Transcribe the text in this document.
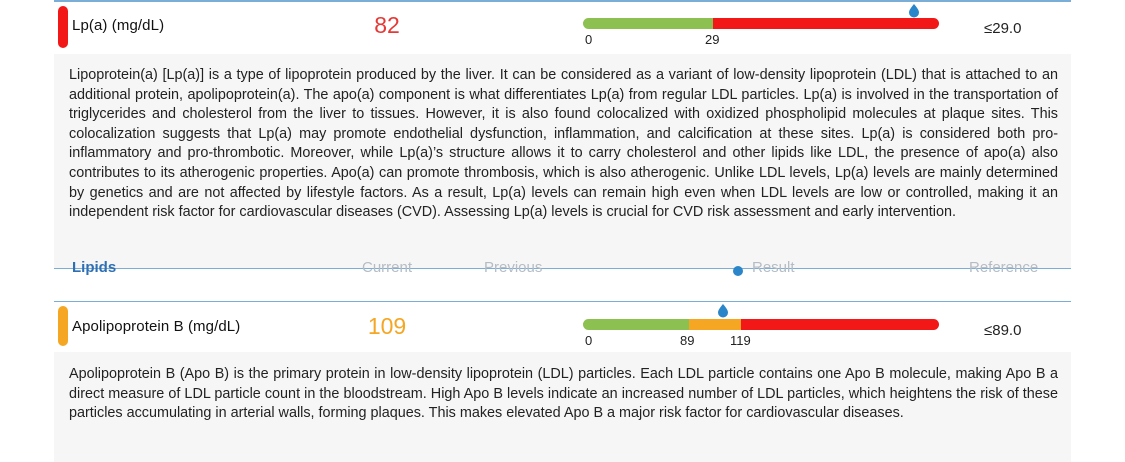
Lp(a) (mg/dL)	82
0	29
≤29.0
Lipoprotein(a) [Lp(a)] is a type of lipoprotein produced by the liver. It can be considered as a variant of low-density lipoprotein (LDL) that is attached to an additional protein, apolipoprotein(a). The apo(a) component is what differentiates Lp(a) from regular LDL particles. Lp(a) is involved in the transportation of triglycerides and cholesterol from the liver to tissues. However, it is also found colocalized with oxidized phospholipid molecules at plaque sites. This colocalization suggests that Lp(a) may promote endothelial dysfunction, inflammation, and calcification at these sites. Lp(a) is considered both pro-inflammatory and pro-thrombotic. Moreover, while Lp(a)’s structure allows it to carry cholesterol and other lipids like LDL, the presence of apo(a) also contributes to its atherogenic properties. Apo(a) can promote thrombosis, which is also atherogenic. Unlike LDL levels, Lp(a) levels are mainly determined by genetics and are not affected by lifestyle factors. As a result, Lp(a) levels can remain high even when LDL levels are low or controlled, making it an independent risk factor for cardiovascular diseases (CVD). Assessing Lp(a) levels is crucial for CVD risk assessment and early intervention.
Lipids	Current	Previous	Result	Reference
Apolipoprotein B (mg/dL)	109
0	89	119
≤89.0
Apolipoprotein B (Apo B) is the primary protein in low-density lipoprotein (LDL) particles. Each LDL particle contains one Apo B molecule, making Apo B a direct measure of LDL particle count in the bloodstream. High Apo B levels indicate an increased number of LDL particles, which heightens the risk of these particles accumulating in arterial walls, forming plaques. This makes elevated Apo B a major risk factor for cardiovascular diseases.
